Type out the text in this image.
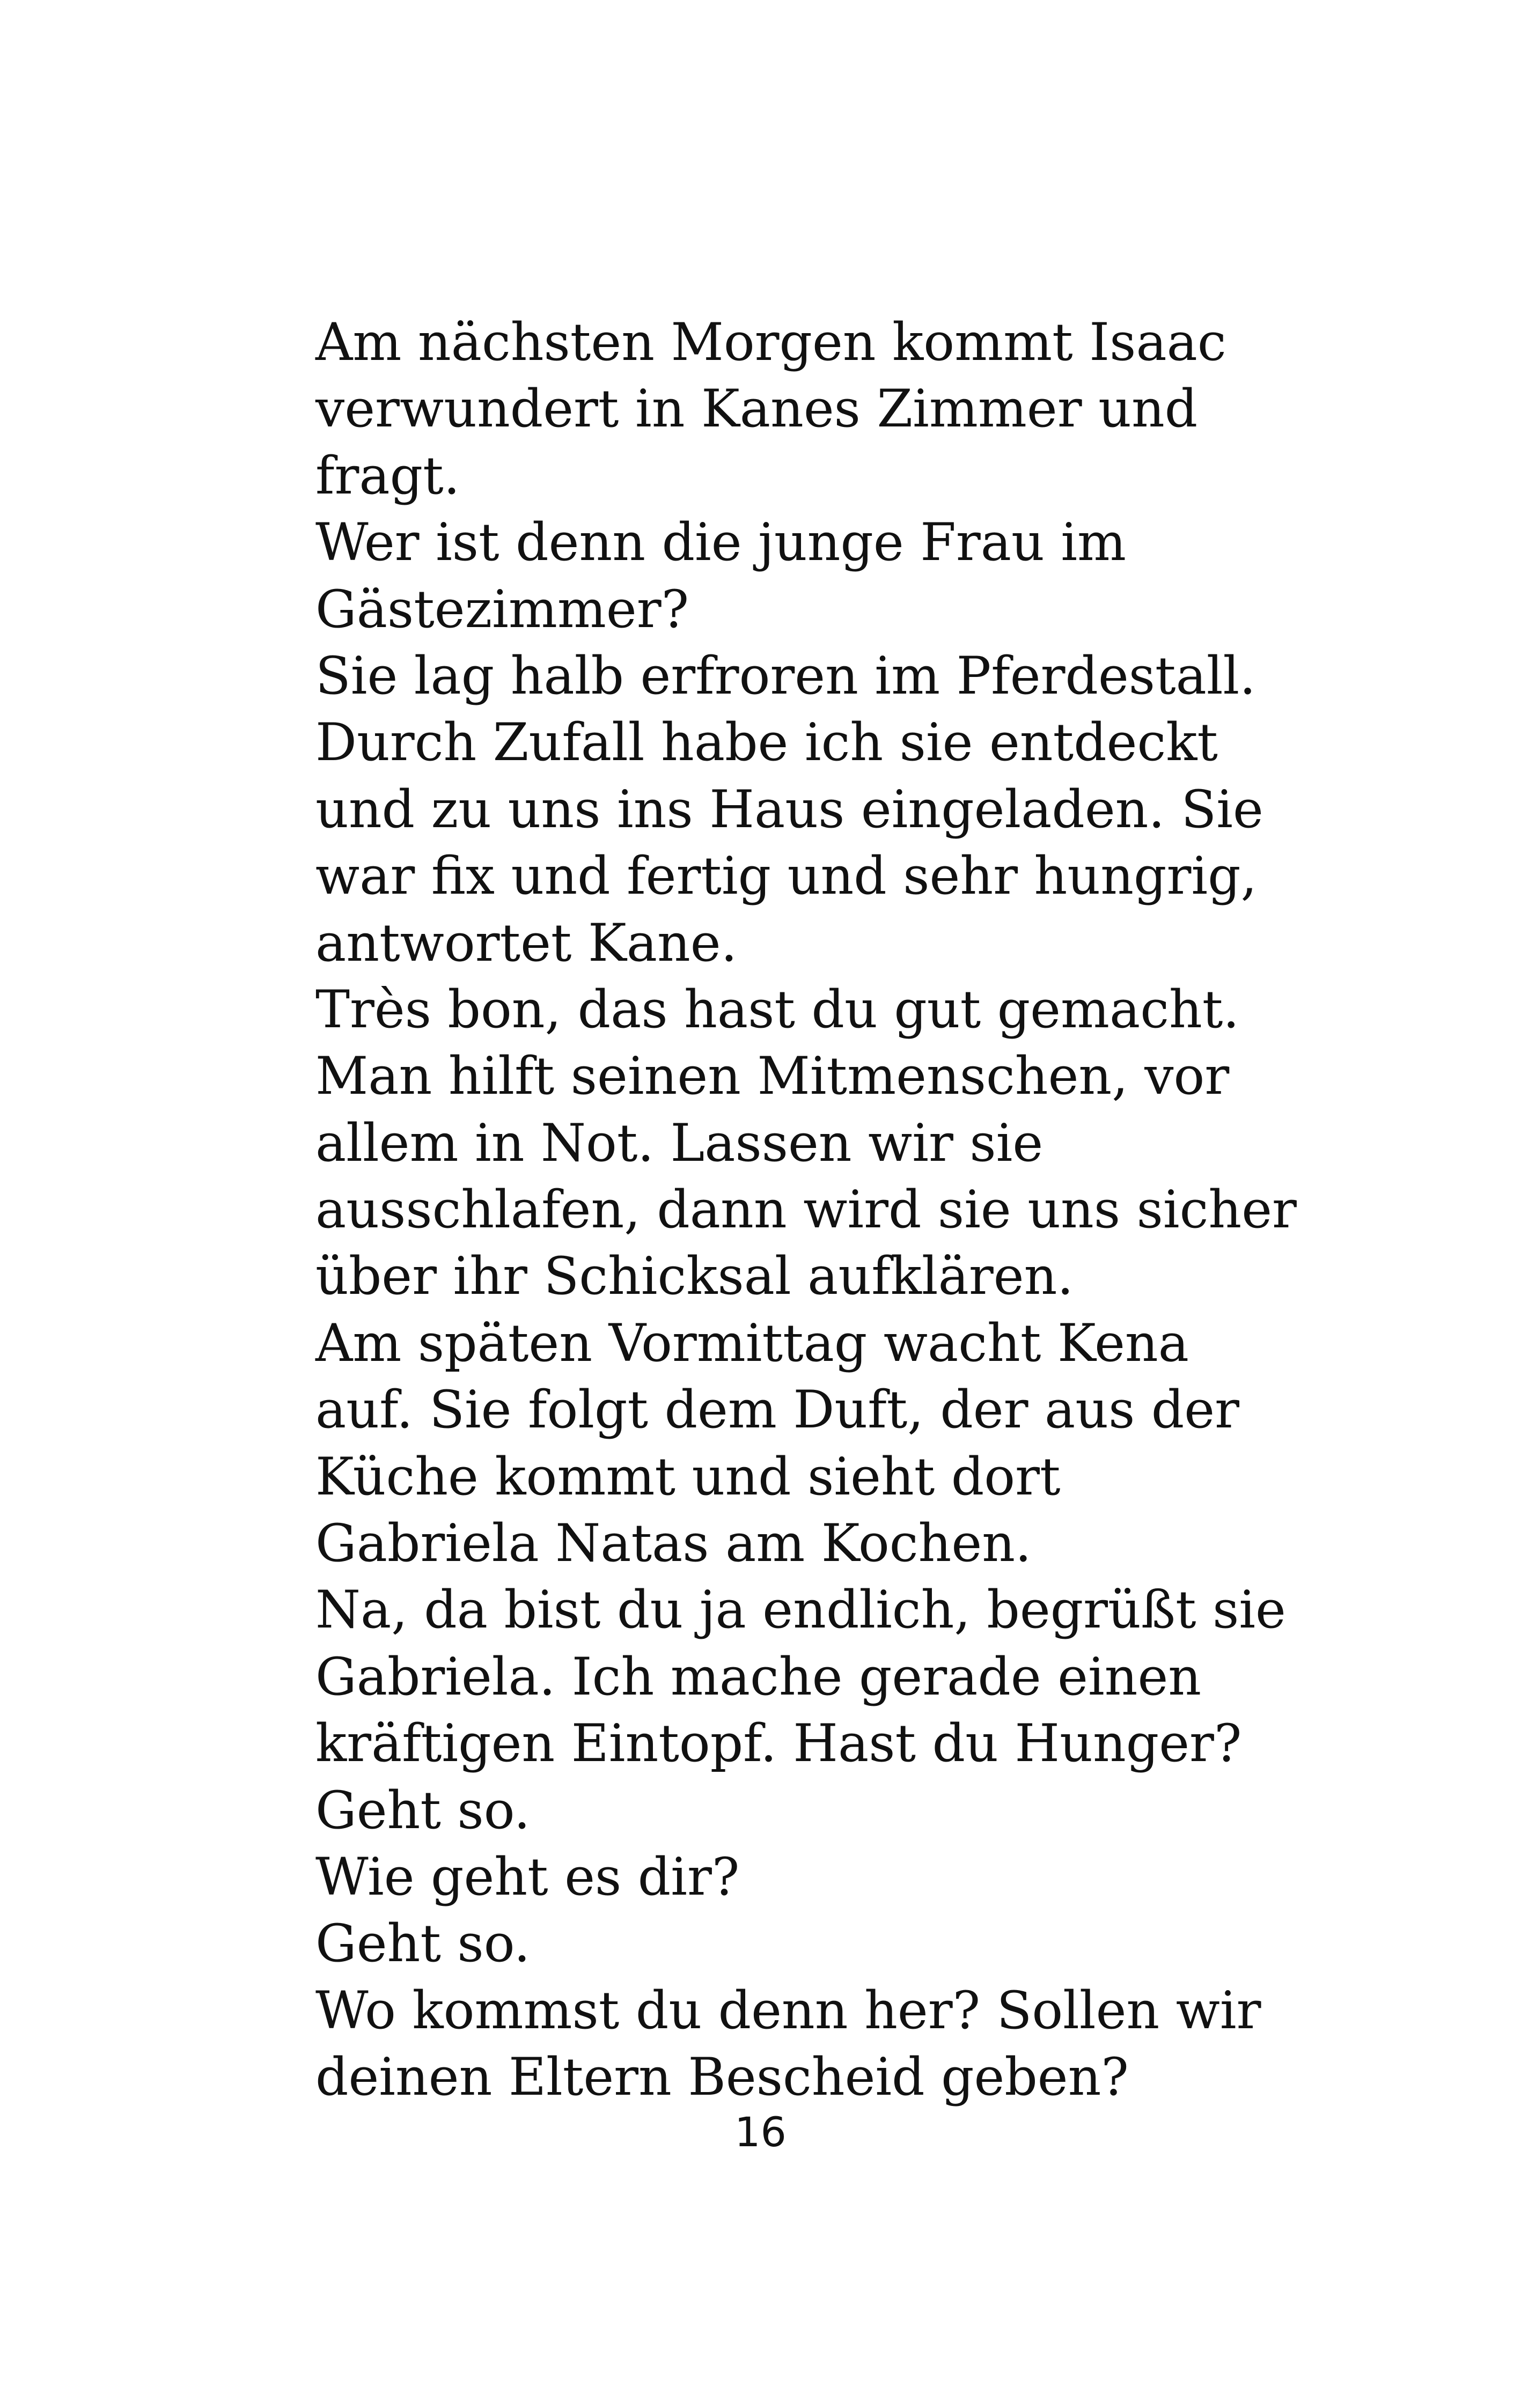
Am nächsten Morgen kommt Isaac
verwundert in Kanes Zimmer und
fragt.
Wer ist denn die junge Frau im
Gästezimmer?
Sie lag halb erfroren im Pferdestall.
Durch Zufall habe ich sie entdeckt
und zu uns ins Haus eingeladen. Sie
war fix und fertig und sehr hungrig,
antwortet Kane.
Très bon, das hast du gut gemacht.
Man hilft seinen Mitmenschen, vor
allem in Not. Lassen wir sie
ausschlafen, dann wird sie uns sicher
über ihr Schicksal aufklären.
Am späten Vormittag wacht Kena
auf. Sie folgt dem Duft, der aus der
Küche kommt und sieht dort
Gabriela Natas am Kochen.
Na, da bist du ja endlich, begrüßt sie
Gabriela. Ich mache gerade einen
kräftigen Eintopf. Hast du Hunger?
Geht so.
Wie geht es dir?
Geht so.
Wo kommst du denn her? Sollen wir
deinen Eltern Bescheid geben?
16
